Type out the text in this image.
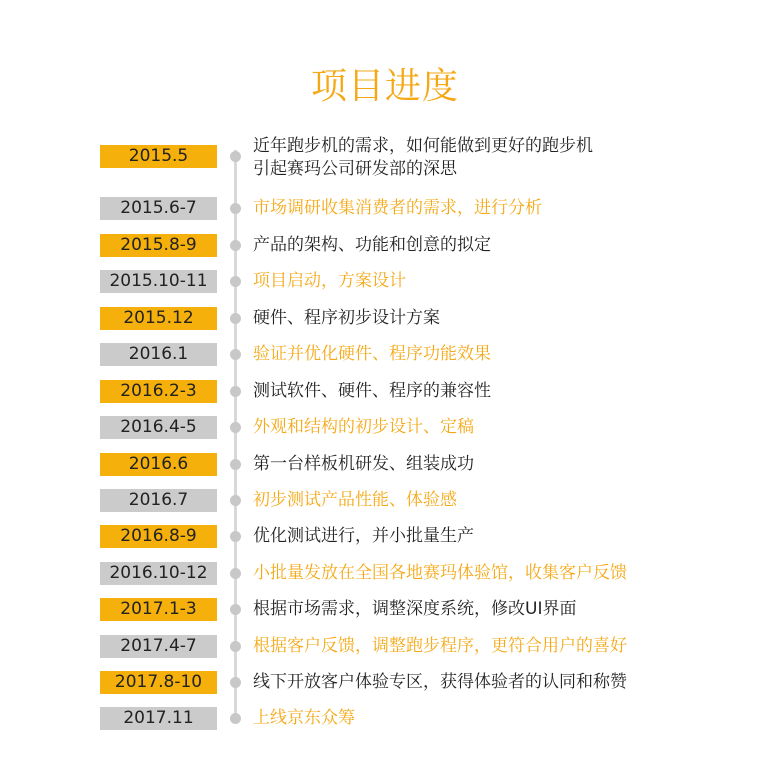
项目进度
2015.5	近年跑步机的需求，如何能做到更好的跑步机
引起赛玛公司研发部的深思
2015.6-7	市场调研收集消费者的需求，进行分析
2015.8-9	产品的架构、功能和创意的拟定
2015.10-11	项目启动，方案设计
2015.12	硬件、程序初步设计方案
2016.1	验证并优化硬件、程序功能效果
2016.2-3	测试软件、硬件、程序的兼容性
2016.4-5	外观和结构的初步设计、定稿
2016.6	第一台样板机研发、组装成功
2016.7	初步测试产品性能、体验感
2016.8-9	优化测试进行，并小批量生产
2016.10-12	小批量发放在全国各地赛玛体验馆，收集客户反馈
2017.1-3	根据市场需求，调整深度系统，修改UI界面
2017.4-7	根据客户反馈，调整跑步程序，更符合用户的喜好
2017.8-10	线下开放客户体验专区，获得体验者的认同和称赞
2017.11	上线京东众筹
